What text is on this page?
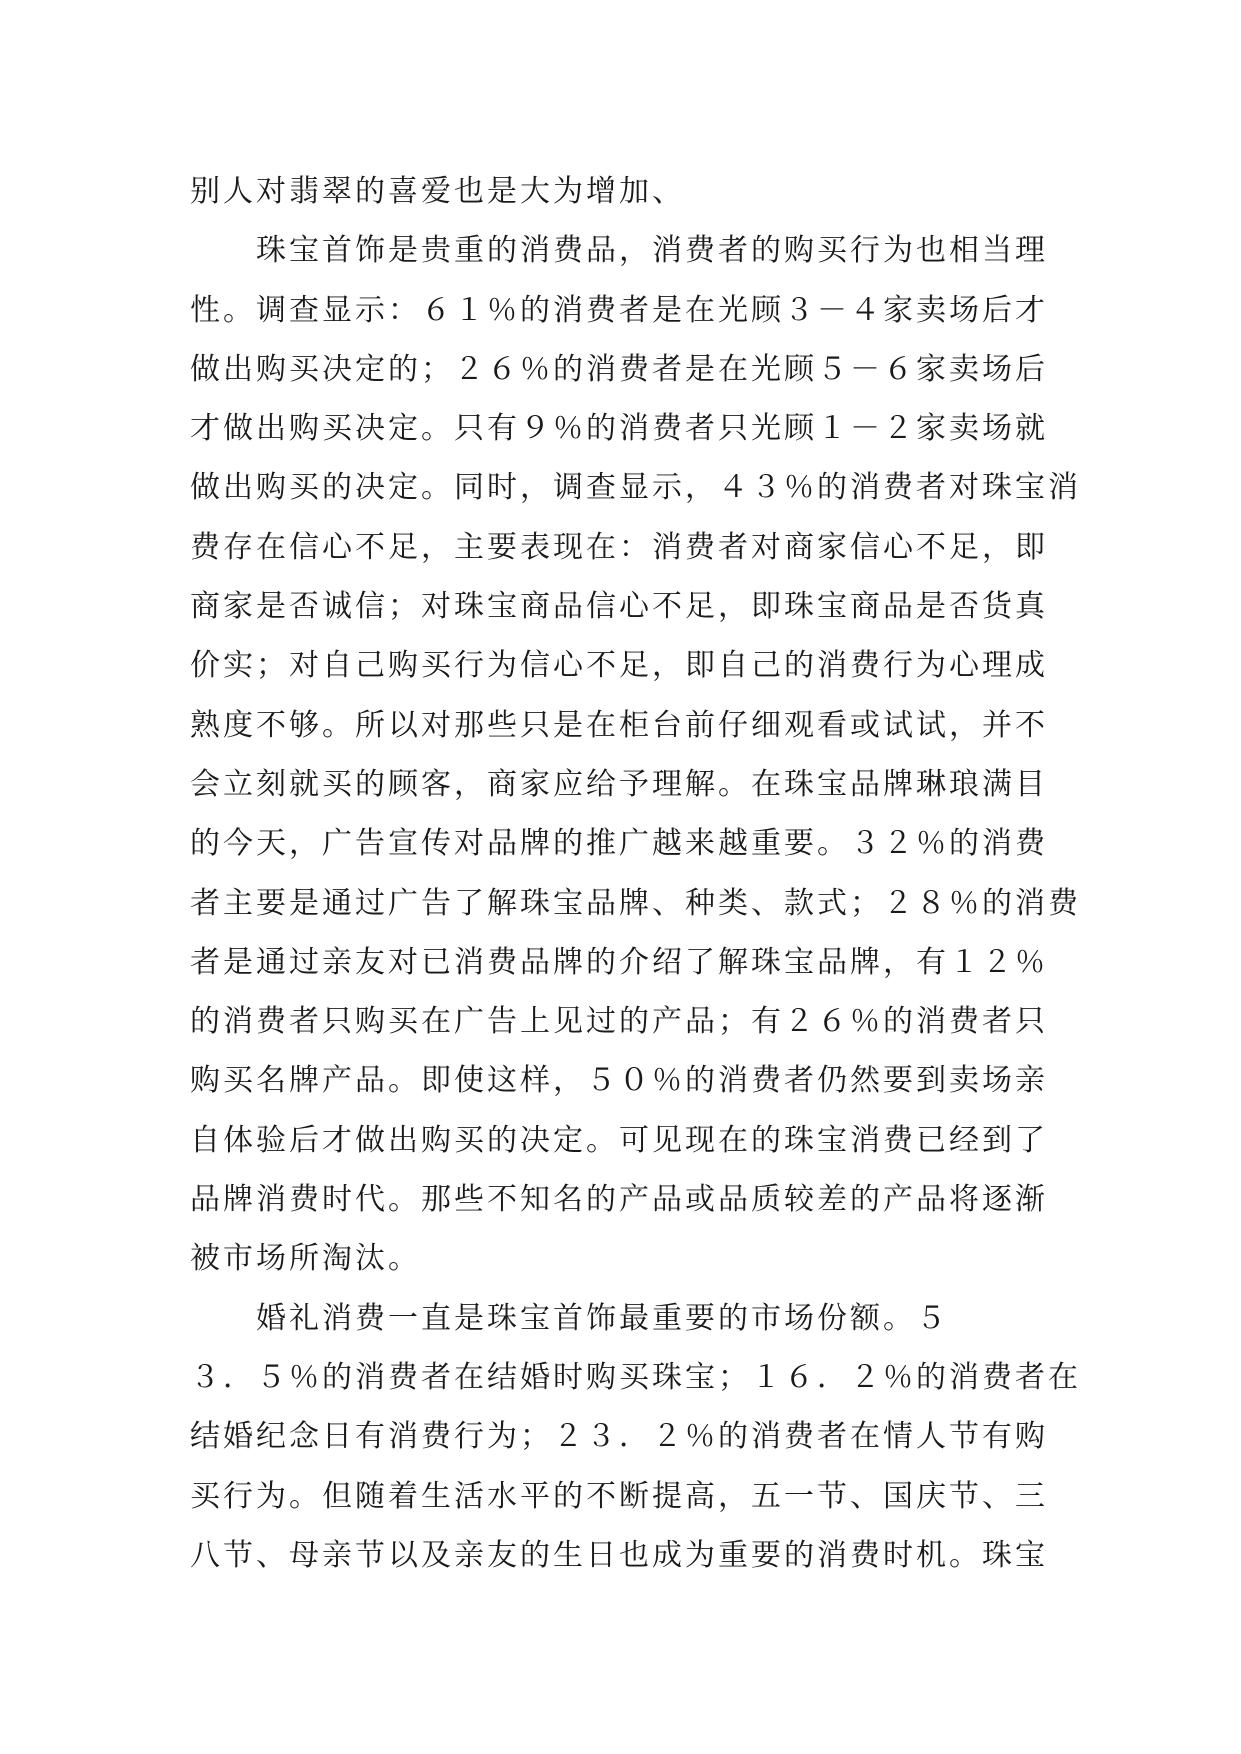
别人对翡翠的喜爱也是大为增加、
　　珠宝首饰是贵重的消费品，消费者的购买行为也相当理
性。调查显示：６１％的消费者是在光顾３－４家卖场后才
做出购买决定的；２６％的消费者是在光顾５－６家卖场后
才做出购买决定。只有９％的消费者只光顾１－２家卖场就
做出购买的决定。同时，调查显示，４３％的消费者对珠宝消
费存在信心不足，主要表现在：消费者对商家信心不足，即
商家是否诚信；对珠宝商品信心不足，即珠宝商品是否货真
价实；对自己购买行为信心不足，即自己的消费行为心理成
熟度不够。所以对那些只是在柜台前仔细观看或试试，并不
会立刻就买的顾客，商家应给予理解。在珠宝品牌琳琅满目
的今天，广告宣传对品牌的推广越来越重要。３２％的消费
者主要是通过广告了解珠宝品牌、种类、款式；２８％的消费
者是通过亲友对已消费品牌的介绍了解珠宝品牌，有１２％
的消费者只购买在广告上见过的产品；有２６％的消费者只
购买名牌产品。即使这样，５０％的消费者仍然要到卖场亲
自体验后才做出购买的决定。可见现在的珠宝消费已经到了
品牌消费时代。那些不知名的产品或品质较差的产品将逐渐
被市场所淘汰。
　　婚礼消费一直是珠宝首饰最重要的市场份额。５
３．５％的消费者在结婚时购买珠宝；１６．２％的消费者在
结婚纪念日有消费行为；２３．２％的消费者在情人节有购
买行为。但随着生活水平的不断提高，五一节、国庆节、三
八节、母亲节以及亲友的生日也成为重要的消费时机。珠宝
